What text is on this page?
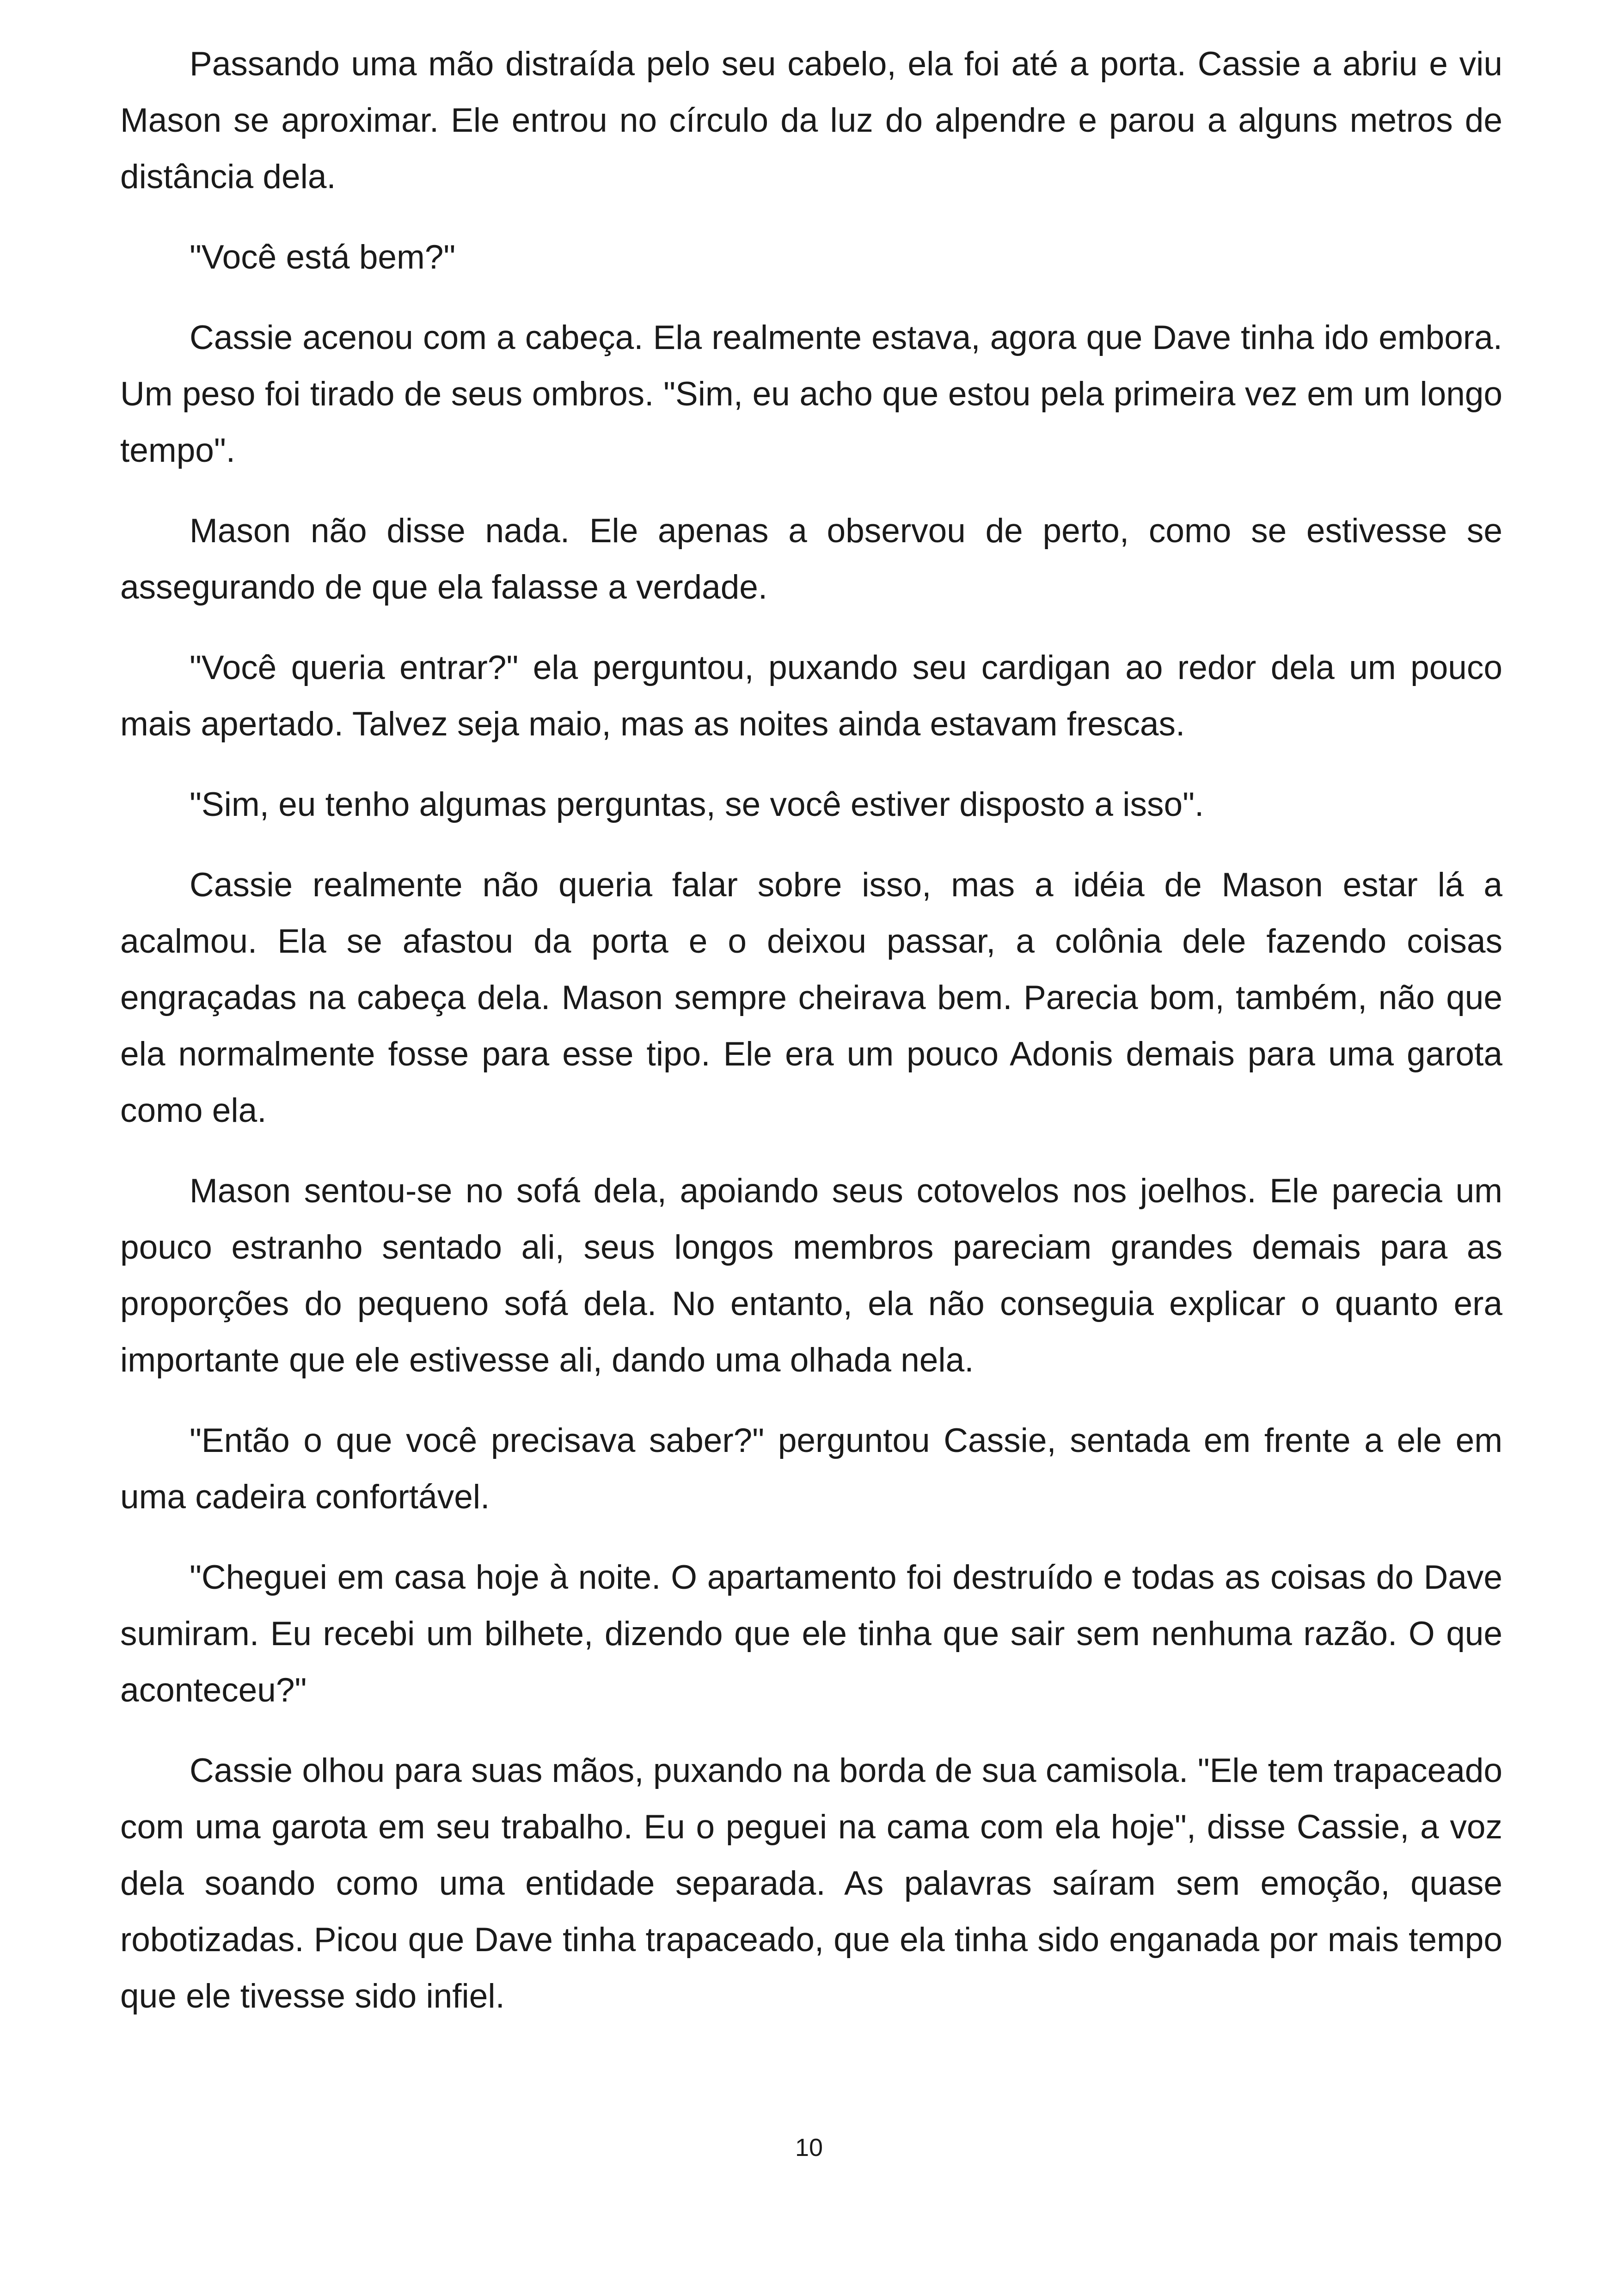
Passando uma mão distraída pelo seu cabelo, ela foi até a porta. Cassie a abriu e viu Mason se aproximar. Ele entrou no círculo da luz do alpendre e parou a alguns metros de distância dela.

"Você está bem?"

Cassie acenou com a cabeça. Ela realmente estava, agora que Dave tinha ido embora. Um peso foi tirado de seus ombros. "Sim, eu acho que estou pela primeira vez em um longo tempo".

Mason não disse nada. Ele apenas a observou de perto, como se estivesse se assegurando de que ela falasse a verdade.

"Você queria entrar?" ela perguntou, puxando seu cardigan ao redor dela um pouco mais apertado. Talvez seja maio, mas as noites ainda estavam frescas.

"Sim, eu tenho algumas perguntas, se você estiver disposto a isso".

Cassie realmente não queria falar sobre isso, mas a idéia de Mason estar lá a acalmou. Ela se afastou da porta e o deixou passar, a colônia dele fazendo coisas engraçadas na cabeça dela. Mason sempre cheirava bem. Parecia bom, também, não que ela normalmente fosse para esse tipo. Ele era um pouco Adonis demais para uma garota como ela.

Mason sentou-se no sofá dela, apoiando seus cotovelos nos joelhos. Ele parecia um pouco estranho sentado ali, seus longos membros pareciam grandes demais para as proporções do pequeno sofá dela. No entanto, ela não conseguia explicar o quanto era importante que ele estivesse ali, dando uma olhada nela.

"Então o que você precisava saber?" perguntou Cassie, sentada em frente a ele em uma cadeira confortável.

"Cheguei em casa hoje à noite. O apartamento foi destruído e todas as coisas do Dave sumiram. Eu recebi um bilhete, dizendo que ele tinha que sair sem nenhuma razão. O que aconteceu?"

Cassie olhou para suas mãos, puxando na borda de sua camisola. "Ele tem trapaceado com uma garota em seu trabalho. Eu o peguei na cama com ela hoje", disse Cassie, a voz dela soando como uma entidade separada. As palavras saíram sem emoção, quase robotizadas. Picou que Dave tinha trapaceado, que ela tinha sido enganada por mais tempo que ele tivesse sido infiel.

10
